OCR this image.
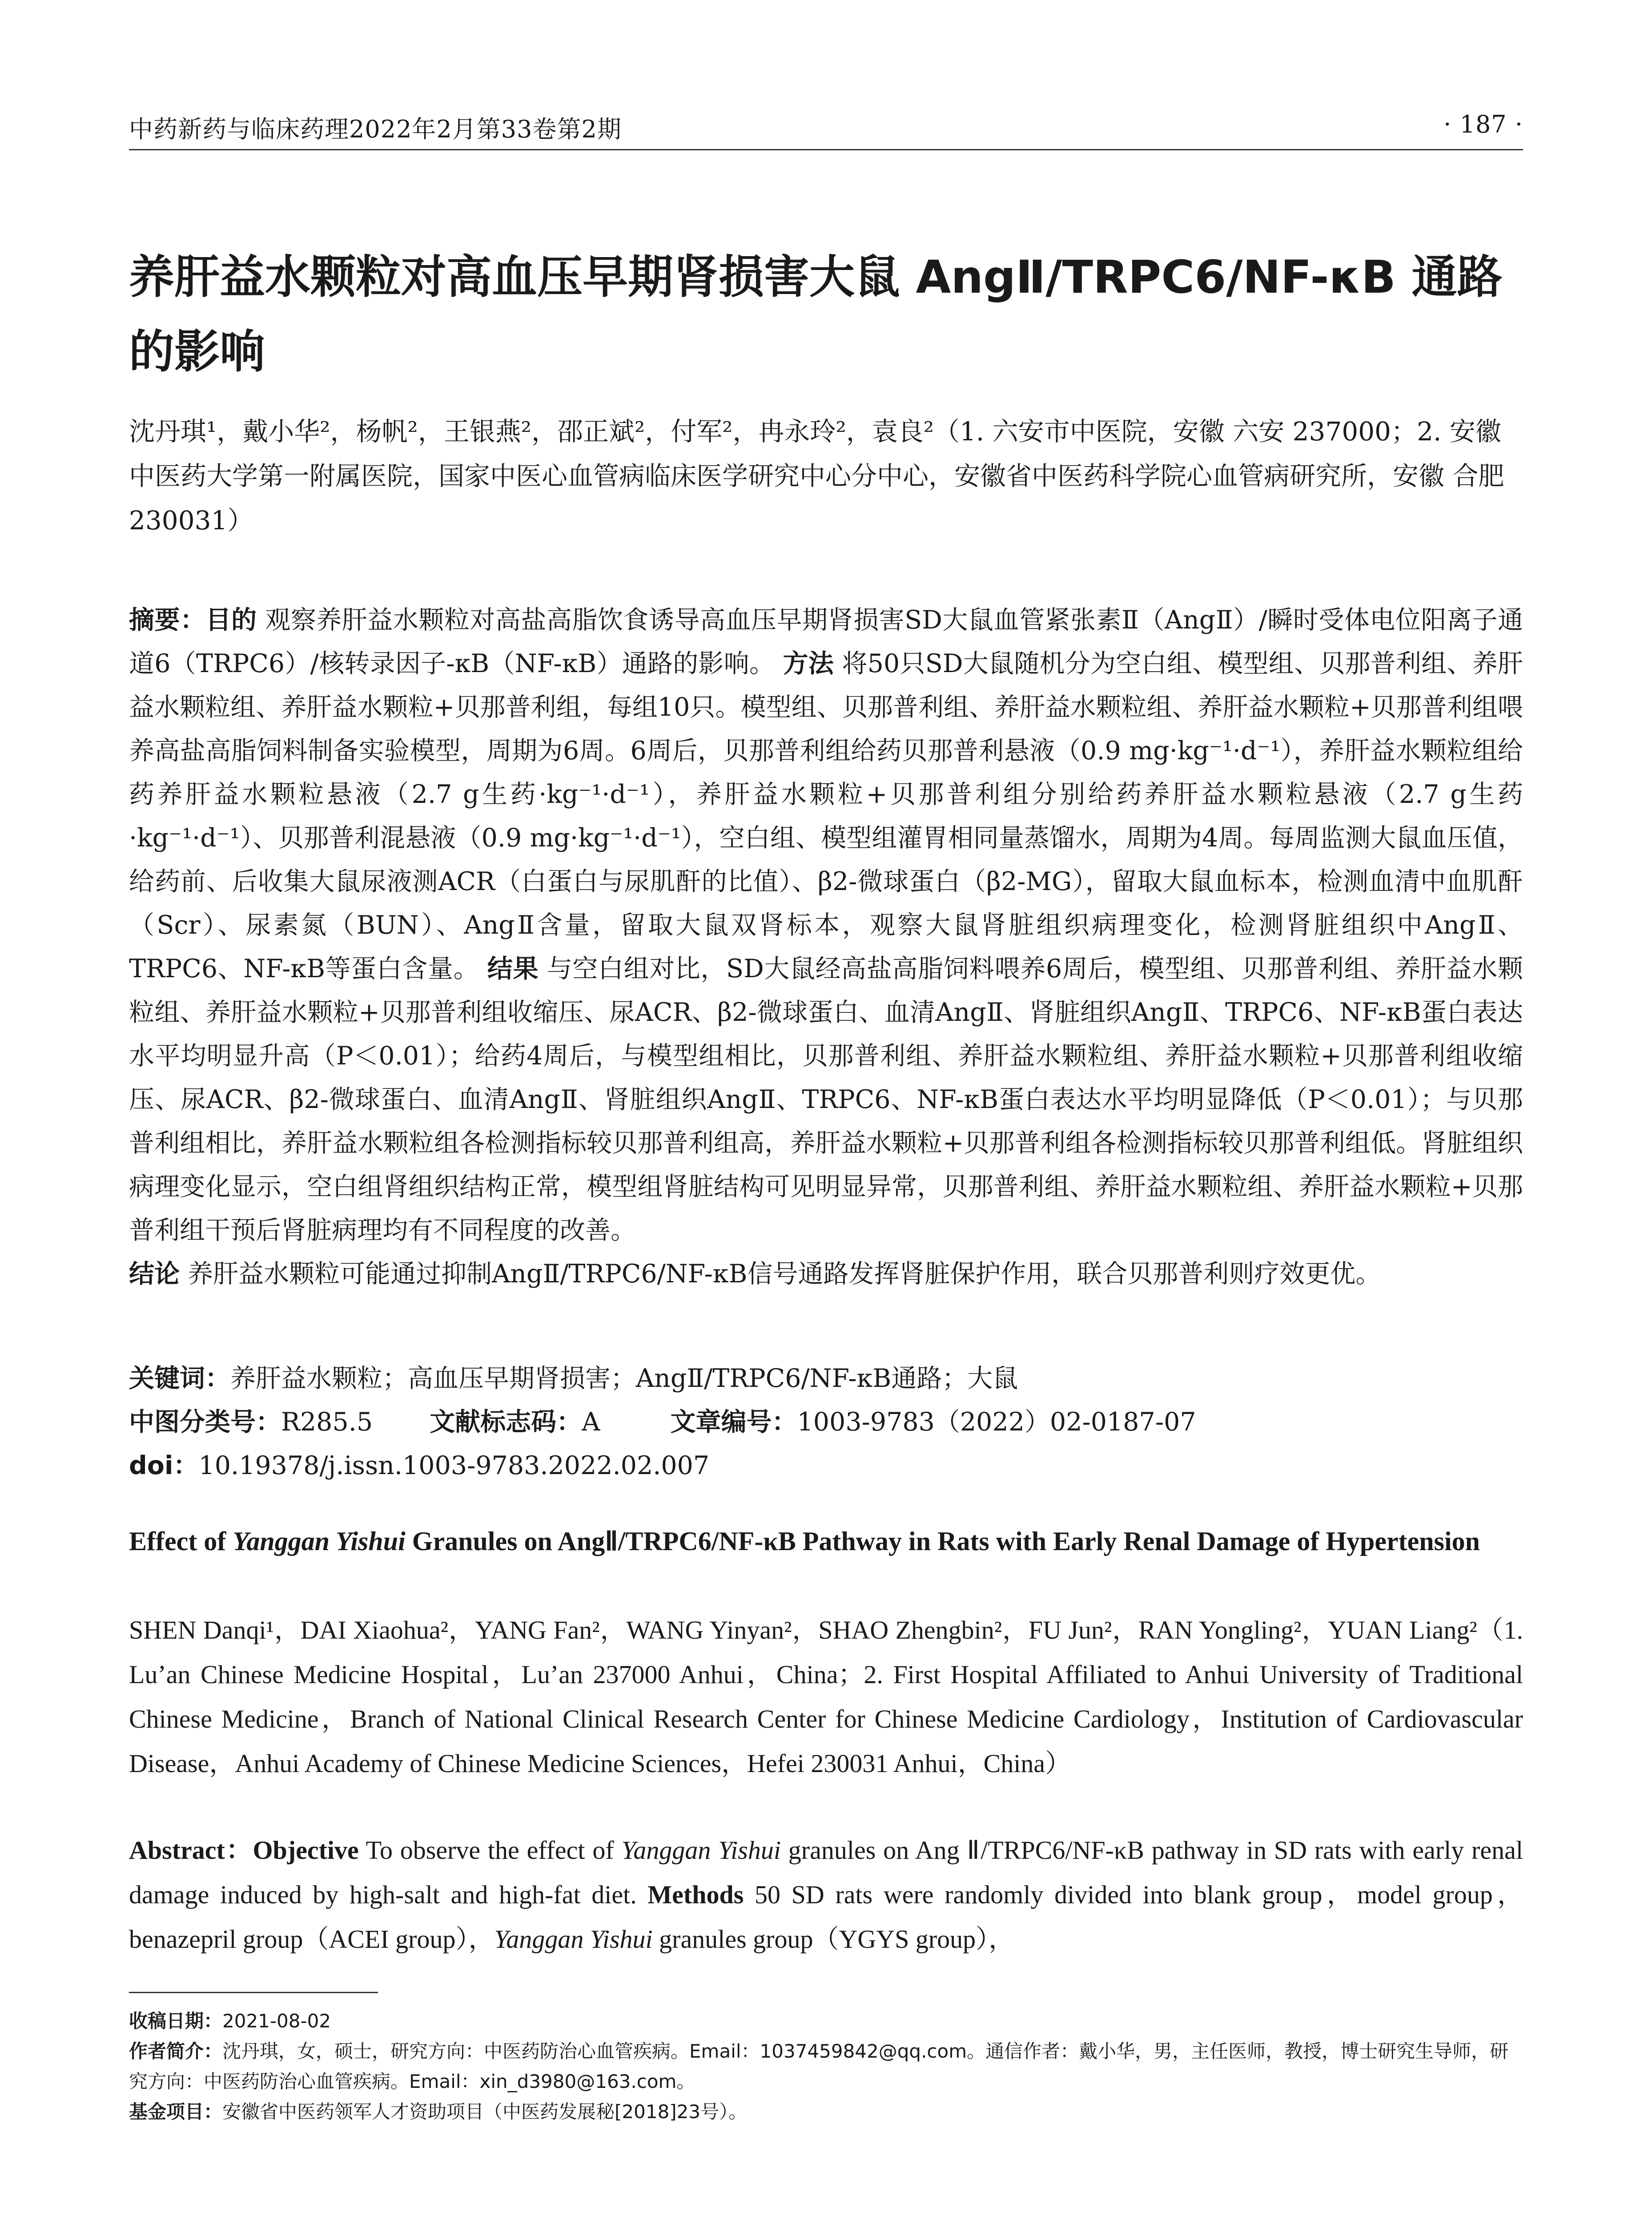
中药新药与临床药理2022年2月第33卷第2期	· 187 ·
养肝益水颗粒对高血压早期肾损害大鼠 AngⅡ/TRPC6/NF-κB 通路的影响
沈丹琪¹，戴小华²，杨帆²，王银燕²，邵正斌²，付军²，冉永玲²，袁良²（1. 六安市中医院，安徽 六安 237000；2. 安徽中医药大学第一附属医院，国家中医心血管病临床医学研究中心分中心，安徽省中医药科学院心血管病研究所，安徽 合肥 230031）
摘要：目的 观察养肝益水颗粒对高盐高脂饮食诱导高血压早期肾损害SD大鼠血管紧张素Ⅱ（AngⅡ）/瞬时受体电位阳离子通道6（TRPC6）/核转录因子-κB（NF-κB）通路的影响。 方法 将50只SD大鼠随机分为空白组、模型组、贝那普利组、养肝益水颗粒组、养肝益水颗粒+贝那普利组，每组10只。模型组、贝那普利组、养肝益水颗粒组、养肝益水颗粒+贝那普利组喂养高盐高脂饲料制备实验模型，周期为6周。6周后，贝那普利组给药贝那普利悬液（0.9 mg·kg⁻¹·d⁻¹），养肝益水颗粒组给药养肝益水颗粒悬液（2.7 g生药·kg⁻¹·d⁻¹），养肝益水颗粒+贝那普利组分别给药养肝益水颗粒悬液（2.7 g生药·kg⁻¹·d⁻¹）、贝那普利混悬液（0.9 mg·kg⁻¹·d⁻¹），空白组、模型组灌胃相同量蒸馏水，周期为4周。每周监测大鼠血压值，给药前、后收集大鼠尿液测ACR（白蛋白与尿肌酐的比值）、β2-微球蛋白（β2-MG），留取大鼠血标本，检测血清中血肌酐（Scr）、尿素氮（BUN）、AngⅡ含量，留取大鼠双肾标本，观察大鼠肾脏组织病理变化，检测肾脏组织中AngⅡ、TRPC6、NF-κB等蛋白含量。 结果 与空白组对比，SD大鼠经高盐高脂饲料喂养6周后，模型组、贝那普利组、养肝益水颗粒组、养肝益水颗粒+贝那普利组收缩压、尿ACR、β2-微球蛋白、血清AngⅡ、肾脏组织AngⅡ、TRPC6、NF-κB蛋白表达水平均明显升高（P＜0.01）；给药4周后，与模型组相比，贝那普利组、养肝益水颗粒组、养肝益水颗粒+贝那普利组收缩压、尿ACR、β2-微球蛋白、血清AngⅡ、肾脏组织AngⅡ、TRPC6、NF-κB蛋白表达水平均明显降低（P＜0.01）；与贝那普利组相比，养肝益水颗粒组各检测指标较贝那普利组高，养肝益水颗粒+贝那普利组各检测指标较贝那普利组低。肾脏组织病理变化显示，空白组肾组织结构正常，模型组肾脏结构可见明显异常，贝那普利组、养肝益水颗粒组、养肝益水颗粒+贝那普利组干预后肾脏病理均有不同程度的改善。
结论 养肝益水颗粒可能通过抑制AngⅡ/TRPC6/NF-κB信号通路发挥肾脏保护作用，联合贝那普利则疗效更优。
关键词：养肝益水颗粒；高血压早期肾损害；AngⅡ/TRPC6/NF-κB通路；大鼠
中图分类号：R285.5 文献标志码：A	文章编号：1003-9783（2022）02-0187-07
doi：10.19378/j.issn.1003-9783.2022.02.007
Effect of Yanggan Yishui Granules on AngⅡ/TRPC6/NF-κB Pathway in Rats with Early Renal Damage of Hypertension
SHEN Danqi¹，DAI Xiaohua²，YANG Fan²，WANG Yinyan²，SHAO Zhengbin²，FU Jun²，RAN Yongling²，YUAN Liang²（1. Lu’an Chinese Medicine Hospital，Lu’an 237000 Anhui，China；2. First Hospital Affiliated to Anhui University of Traditional Chinese Medicine，Branch of National Clinical Research Center for Chinese Medicine Cardiology，Institution of Cardiovascular Disease，Anhui Academy of Chinese Medicine Sciences，Hefei 230031 Anhui，China）
Abstract：Objective To observe the effect of Yanggan Yishui granules on Ang Ⅱ/TRPC6/NF-κB pathway in SD rats with early renal damage induced by high-salt and high-fat diet. Methods 50 SD rats were randomly divided into blank group，model group，benazepril group（ACEI group），Yanggan Yishui granules group（YGYS group），
收稿日期：2021-08-02
作者简介：沈丹琪，女，硕士，研究方向：中医药防治心血管疾病。Email：1037459842@qq.com。通信作者：戴小华，男，主任医师，教授，博士研究生导师，研究方向：中医药防治心血管疾病。Email：xin_d3980@163.com。
基金项目：安徽省中医药领军人才资助项目（中医药发展秘[2018]23号）。
